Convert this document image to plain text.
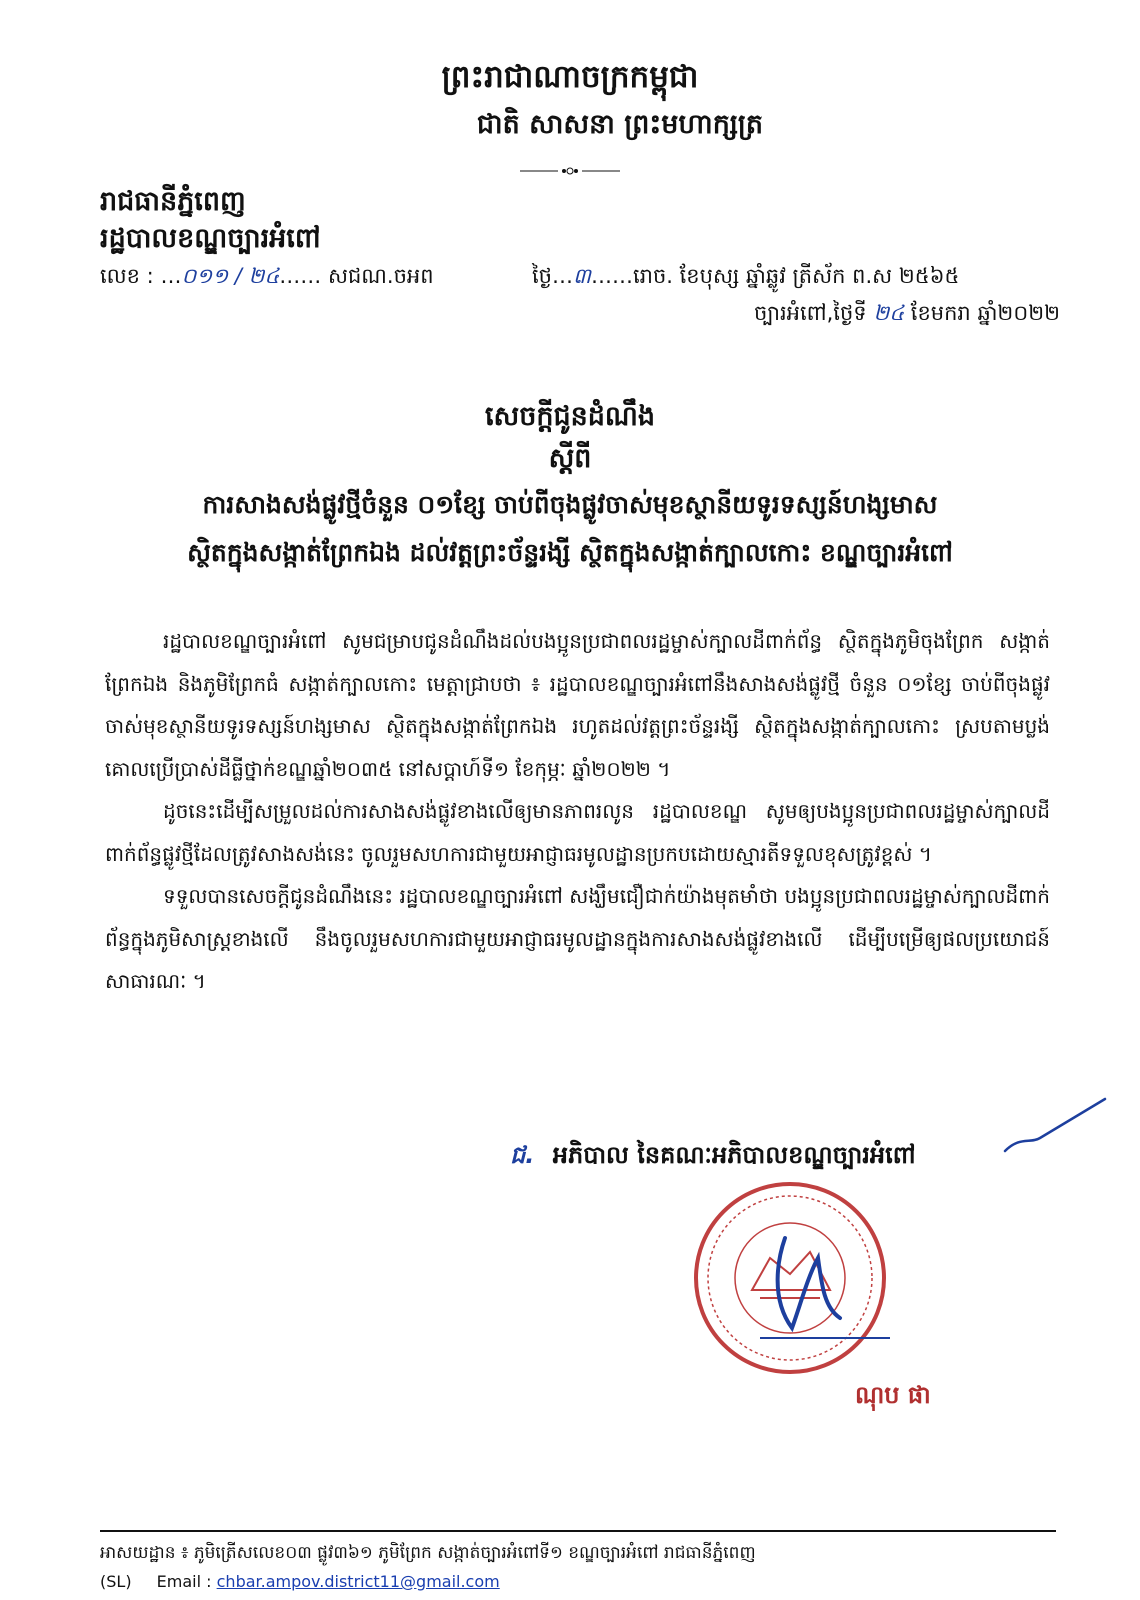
ព្រះរាជាណាចក្រកម្ពុជា
ជាតិ សាសនា ព្រះមហាក្សត្រ
រាជធានីភ្នំពេញ
រដ្ឋបាលខណ្ឌច្បារអំពៅ
លេខ : …០១១ / ២៤…… សជណ.ចអព	ថ្ងៃ…៣……រោច. ខែបុស្ស ឆ្នាំឆ្លូវ ត្រីស័ក ព.ស ២៥៦៥
ច្បារអំពៅ,ថ្ងៃទី ២៤ ខែមករា ឆ្នាំ២០២២
សេចក្តីជូនដំណឹង
ស្តីពី
ការសាងសង់ផ្លូវថ្មីចំនួន ០១ខ្សែ ចាប់ពីចុងផ្លូវចាស់មុខស្ថានីយទូរទស្សន៍ហង្សមាស
ស្ថិតក្នុងសង្កាត់ព្រែកឯង ដល់វត្តព្រះច័ន្ទរង្សី ស្ថិតក្នុងសង្កាត់ក្បាលកោះ ខណ្ឌច្បារអំពៅ

រដ្ឋបាលខណ្ឌច្បារអំពៅ សូមជម្រាបជូនដំណឹងដល់បងប្អូនប្រជាពលរដ្ឋម្ចាស់ក្បាលដីពាក់ព័ន្ធ ស្ថិតក្នុងភូមិចុងព្រែក សង្កាត់ព្រែកឯង និងភូមិព្រែកធំ សង្កាត់ក្បាលកោះ មេត្តាជ្រាបថា ៖ រដ្ឋបាលខណ្ឌច្បារអំពៅនឹងសាងសង់ផ្លូវថ្មី ចំនួន ០១ខ្សែ ចាប់ពីចុងផ្លូវចាស់មុខស្ថានីយទូរទស្សន៍ហង្សមាស ស្ថិតក្នុងសង្កាត់ព្រែកឯង រហូតដល់វត្តព្រះច័ន្ទរង្សី ស្ថិតក្នុងសង្កាត់ក្បាលកោះ ស្របតាមប្លង់គោលប្រើប្រាស់ដីធ្លីថ្នាក់ខណ្ឌឆ្នាំ២០៣៥ នៅសប្តាហ៍ទី១ ខែកុម្ភៈ ឆ្នាំ២០២២ ។

ដូចនេះដើម្បីសម្រួលដល់ការសាងសង់ផ្លូវខាងលើឲ្យមានភាពរលូន រដ្ឋបាលខណ្ឌ សូមឲ្យបងប្អូនប្រជាពលរដ្ឋម្ចាស់ក្បាលដីពាក់ព័ន្ធផ្លូវថ្មីដែលត្រូវសាងសង់នេះ ចូលរួមសហការជាមួយអាជ្ញាធរមូលដ្ឋានប្រកបដោយស្មារតីទទួលខុសត្រូវខ្ពស់ ។

ទទួលបានសេចក្តីជូនដំណឹងនេះ រដ្ឋបាលខណ្ឌច្បារអំពៅ សង្ឃឹមជឿជាក់យ៉ាងមុតមាំថា បងប្អូនប្រជាពលរដ្ឋម្ចាស់ក្បាលដីពាក់ព័ន្ធក្នុងភូមិសាស្ត្រខាងលើ នឹងចូលរួមសហការជាមួយអាជ្ញាធរមូលដ្ឋានក្នុងការសាងសង់ផ្លូវខាងលើ ដើម្បីបម្រើឲ្យផលប្រយោជន៍សាធារណៈ ។

ជ. អភិបាល នៃគណៈអភិបាលខណ្ឌច្បារអំពៅ
ណុប ផា
អាសយដ្ឋាន ៖ ភូមិត្រើសលេខ០៣ ផ្លូវ៣៦១ ភូមិព្រែក សង្កាត់ច្បារអំពៅទី១ ខណ្ឌច្បារអំពៅ រាជធានីភ្នំពេញ
(SL) Email : chbar.ampov.district11@gmail.com
